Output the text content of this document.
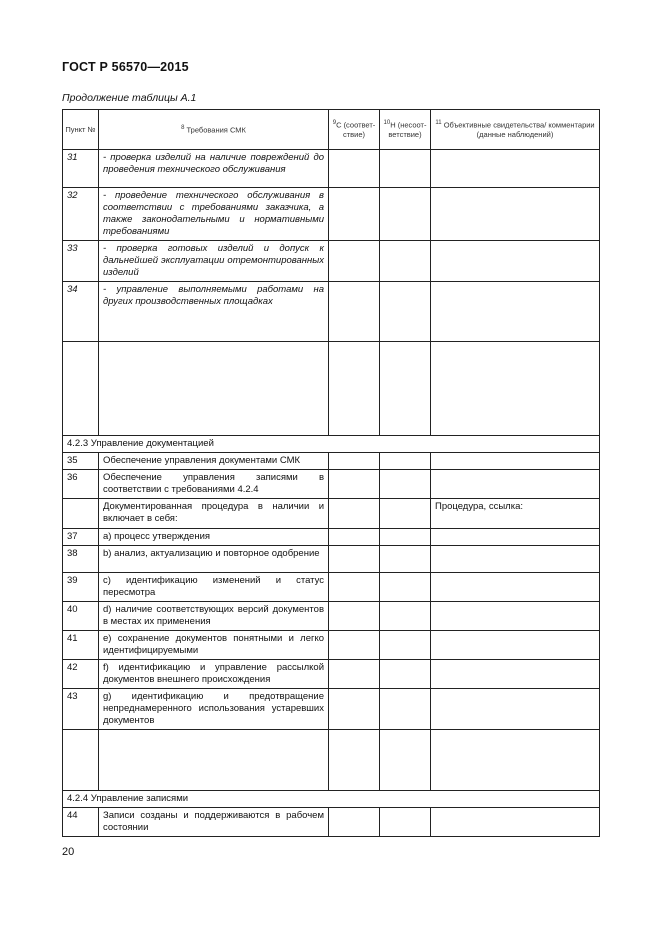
ГОСТ Р 56570—2015
Продолжение таблицы А.1
Пункт №	$^8$ Требования СМК	$^9$С (соответ-ствие)	$^{10}$Н (несоот-ветствие)	$^{11}$ Объективные свидетельства/ комментарии (данные наблюдений)
31	- проверка изделий на наличие повреждений до проведения технического обслуживания			
32	- проведение технического обслуживания в соответствии с требованиями заказчика, а также законодательными и нормативными требованиями			
33	- проверка готовых изделий и допуск к дальнейшей эксплуатации отремонтированных изделий			
34	- управление выполняемыми работами на других производственных площадках			

4.2.3 Управление документацией				
35	Обеспечение управления документами СМК			
36	Обеспечение управления записями в соответствии с требованиями 4.2.4			
	Документированная процедура в наличии и включает в себя:			Процедура, ссылка:
37	а) процесс утверждения			
38	b) анализ, актуализацию и повторное одобрение			
39	c) идентификацию изменений и статус пересмотра			
40	d) наличие соответствующих версий документов в местах их применения			
41	e) сохранение документов понятными и легко идентифицируемыми			
42	f) идентификацию и управление рассылкой документов внешнего происхождения			
43	g) идентификацию и предотвращение непреднамеренного использования устаревших документов			

4.2.4 Управление записями				
44	Записи созданы и поддерживаются в рабочем состоянии			
20
